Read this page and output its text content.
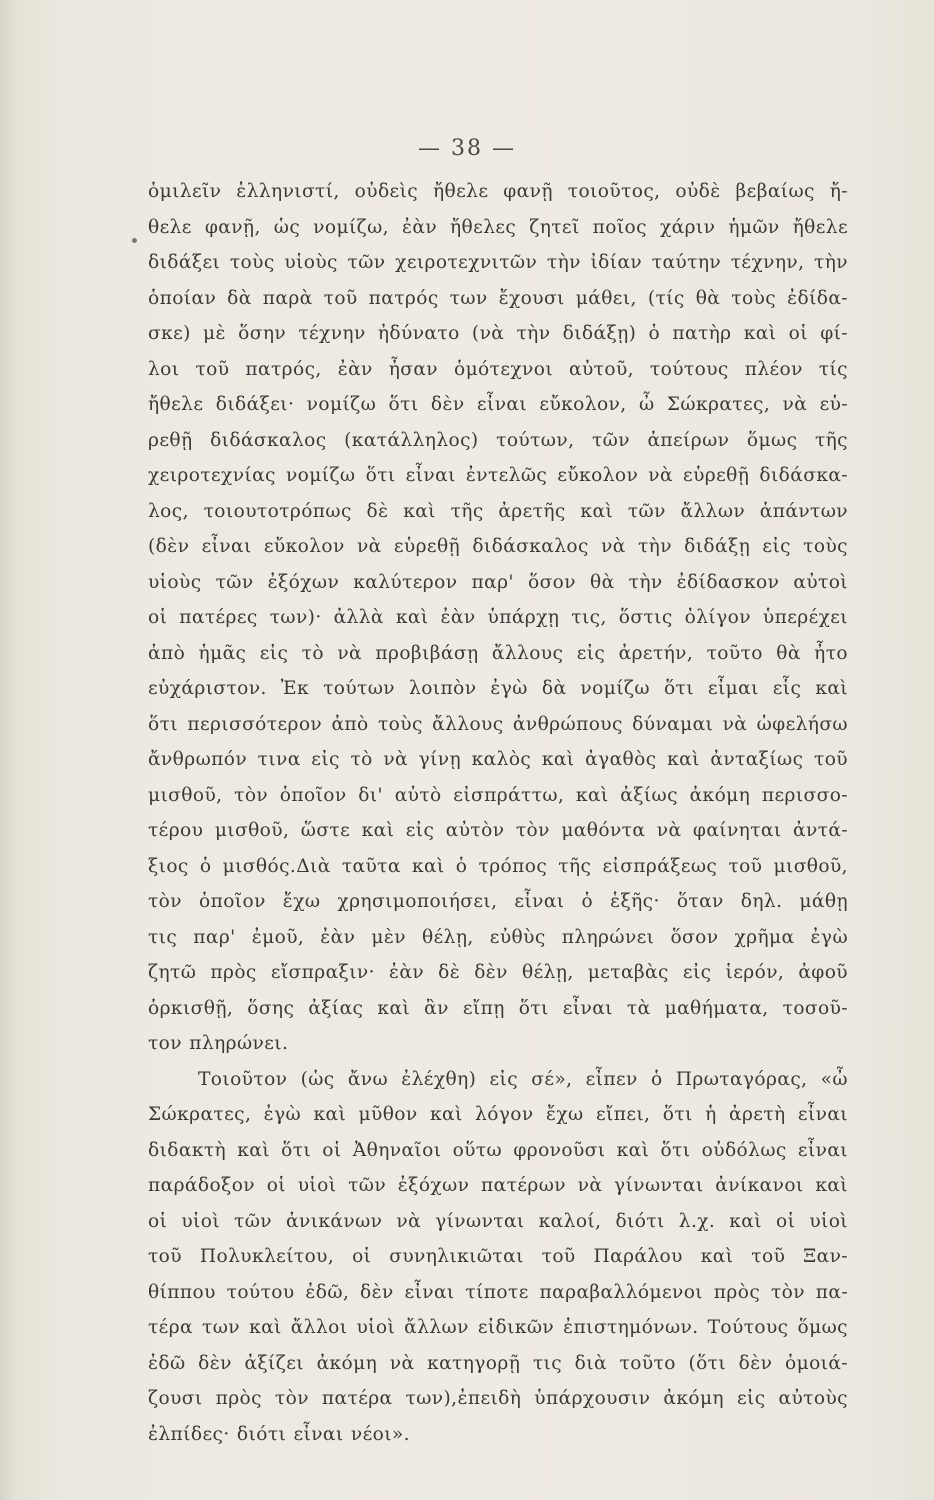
— 38 —
ὁμιλεῖν ἑλληνιστί, οὐδεὶς ἤθελε φανῇ τοιοῦτος, οὐδὲ βεβαίως ἤ-
θελε φανῇ, ὡς νομίζω, ἐὰν ἤθελες ζητεῖ ποῖος χάριν ἡμῶν ἤθελε
διδάξει τοὺς υἱοὺς τῶν χειροτεχνιτῶν τὴν ἰδίαν ταύτην τέχνην, τὴν
ὁποίαν δὰ παρὰ τοῦ πατρός των ἔχουσι μάθει, (τίς θὰ τοὺς ἐδίδα-
σκε) μὲ ὅσην τέχνην ἠδύνατο (νὰ τὴν διδάξῃ) ὁ πατὴρ καὶ οἱ φί-
λοι τοῦ πατρός, ἐὰν ἦσαν ὁμότεχνοι αὐτοῦ, τούτους πλέον τίς
ἤθελε διδάξει· νομίζω ὅτι δὲν εἶναι εὔκολον, ὦ Σώκρατες, νὰ εὑ-
ρεθῇ διδάσκαλος (κατάλληλος) τούτων, τῶν ἀπείρων ὅμως τῆς
χειροτεχνίας νομίζω ὅτι εἶναι ἐντελῶς εὔκολον νὰ εὑρεθῇ διδάσκα-
λος, τοιουτοτρόπως δὲ καὶ τῆς ἀρετῆς καὶ τῶν ἄλλων ἁπάντων
(δὲν εἶναι εὔκολον νὰ εὑρεθῇ διδάσκαλος νὰ τὴν διδάξῃ εἰς τοὺς
υἱοὺς τῶν ἐξόχων καλύτερον παρ' ὅσον θὰ τὴν ἐδίδασκον αὐτοὶ
οἱ πατέρες των)· ἀλλὰ καὶ ἐὰν ὑπάρχῃ τις, ὅστις ὀλίγον ὑπερέχει
ἀπὸ ἡμᾶς εἰς τὸ νὰ προβιβάσῃ ἄλλους εἰς ἀρετήν, τοῦτο θὰ ἦτο
εὐχάριστον. Ἐκ τούτων λοιπὸν ἐγὼ δὰ νομίζω ὅτι εἶμαι εἷς καὶ
ὅτι περισσότερον ἀπὸ τοὺς ἄλλους ἀνθρώπους δύναμαι νὰ ὠφελήσω
ἄνθρωπόν τινα εἰς τὸ νὰ γίνῃ καλὸς καὶ ἀγαθὸς καὶ ἀνταξίως τοῦ
μισθοῦ, τὸν ὁποῖον δι' αὐτὸ εἰσπράττω, καὶ ἀξίως ἀκόμη περισσο-
τέρου μισθοῦ, ὥστε καὶ εἰς αὐτὸν τὸν μαθόντα νὰ φαίνηται ἀντά-
ξιος ὁ μισθός.Διὰ ταῦτα καὶ ὁ τρόπος τῆς εἰσπράξεως τοῦ μισθοῦ,
τὸν ὁποῖον ἔχω χρησιμοποιήσει, εἶναι ὁ ἑξῆς· ὅταν δηλ. μάθῃ
τις παρ' ἐμοῦ, ἐὰν μὲν θέλῃ, εὐθὺς πληρώνει ὅσον χρῆμα ἐγὼ
ζητῶ πρὸς εἴσπραξιν· ἐὰν δὲ δὲν θέλῃ, μεταβὰς εἰς ἱερόν, ἀφοῦ
ὁρκισθῇ, ὅσης ἀξίας καὶ ἂν εἴπῃ ὅτι εἶναι τὰ μαθήματα, τοσοῦ-
τον πληρώνει.
Τοιοῦτον (ὡς ἄνω ἐλέχθη) εἰς σέ», εἶπεν ὁ Πρωταγόρας, «ὦ
Σώκρατες, ἐγὼ καὶ μῦθον καὶ λόγον ἔχω εἴπει, ὅτι ἡ ἀρετὴ εἶναι
διδακτὴ καὶ ὅτι οἱ Ἀθηναῖοι οὕτω φρονοῦσι καὶ ὅτι οὐδόλως εἶναι
παράδοξον οἱ υἱοὶ τῶν ἐξόχων πατέρων νὰ γίνωνται ἀνίκανοι καὶ
οἱ υἱοὶ τῶν ἀνικάνων νὰ γίνωνται καλοί, διότι λ.χ. καὶ οἱ υἱοὶ
τοῦ Πολυκλείτου, οἱ συνηλικιῶται τοῦ Παράλου καὶ τοῦ Ξαν-
θίππου τούτου ἐδῶ, δὲν εἶναι τίποτε παραβαλλόμενοι πρὸς τὸν πα-
τέρα των καὶ ἄλλοι υἱοὶ ἄλλων εἰδικῶν ἐπιστημόνων. Τούτους ὅμως
ἐδῶ δὲν ἀξίζει ἀκόμη νὰ κατηγορῇ τις διὰ τοῦτο (ὅτι δὲν ὁμοιά-
ζουσι πρὸς τὸν πατέρα των),ἐπειδὴ ὑπάρχουσιν ἀκόμη εἰς αὐτοὺς
ἐλπίδες· διότι εἶναι νέοι».
